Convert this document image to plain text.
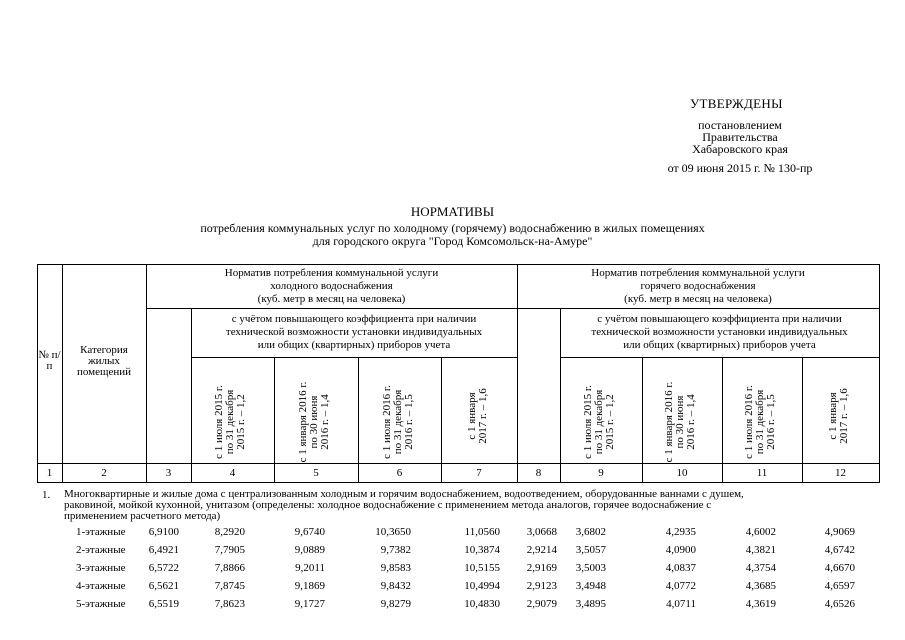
УТВЕРЖДЕНЫ
постановлением
Правительства
Хабаровского края
от 09 июня 2015 г. № 130-пр
НОРМАТИВЫ
потребления коммунальных услуг по холодному (горячему) водоснабжению в жилых помещениях
для городского округа "Город Комсомольск-на-Амуре"
№ п/п
Категория жилых помещений
Норматив потребления коммунальной услуги
холодного водоснабжения
(куб. метр в месяц на человека)
Норматив потребления коммунальной услуги
горячего водоснабжения
(куб. метр в месяц на человека)
с учётом повышающего коэффициента при наличии
технической возможности установки индивидуальных
или общих (квартирных) приборов учета
с учётом повышающего коэффициента при наличии
технической возможности установки индивидуальных
или общих (квартирных) приборов учета
с 1 июля 2015 г. по 31 декабря 2015 г. – 1,2	с 1 января 2016 г. по 30 июня 2016 г. – 1,4	с 1 июля 2016 г. по 31 декабря 2016 г. – 1,5	с 1 января 2017 г. – 1,6	с 1 июля 2015 г. по 31 декабря 2015 г. – 1,2	с 1 января 2016 г. по 30 июня 2016 г. – 1,4	с 1 июля 2016 г. по 31 декабря 2016 г. – 1,5	с 1 января 2017 г. – 1,6
1	2	3	4	5	6	7	8	9	10	11	12
1. Многоквартирные и жилые дома с централизованным холодным и горячим водоснабжением, водоотведением, оборудованные ваннами с душем,
раковиной, мойкой кухонной, унитазом (определены: холодное водоснабжение с применением метода аналогов, горячее водоснабжение с
применением расчетного метода)
1-этажные	6,9100	8,2920	9,6740	10,3650	11,0560	3,0668	3,6802	4,2935	4,6002	4,9069
2-этажные	6,4921	7,7905	9,0889	9,7382	10,3874	2,9214	3,5057	4,0900	4,3821	4,6742
3-этажные	6,5722	7,8866	9,2011	9,8583	10,5155	2,9169	3,5003	4,0837	4,3754	4,6670
4-этажные	6,5621	7,8745	9,1869	9,8432	10,4994	2,9123	3,4948	4,0772	4,3685	4,6597
5-этажные	6,5519	7,8623	9,1727	9,8279	10,4830	2,9079	3,4895	4,0711	4,3619	4,6526
